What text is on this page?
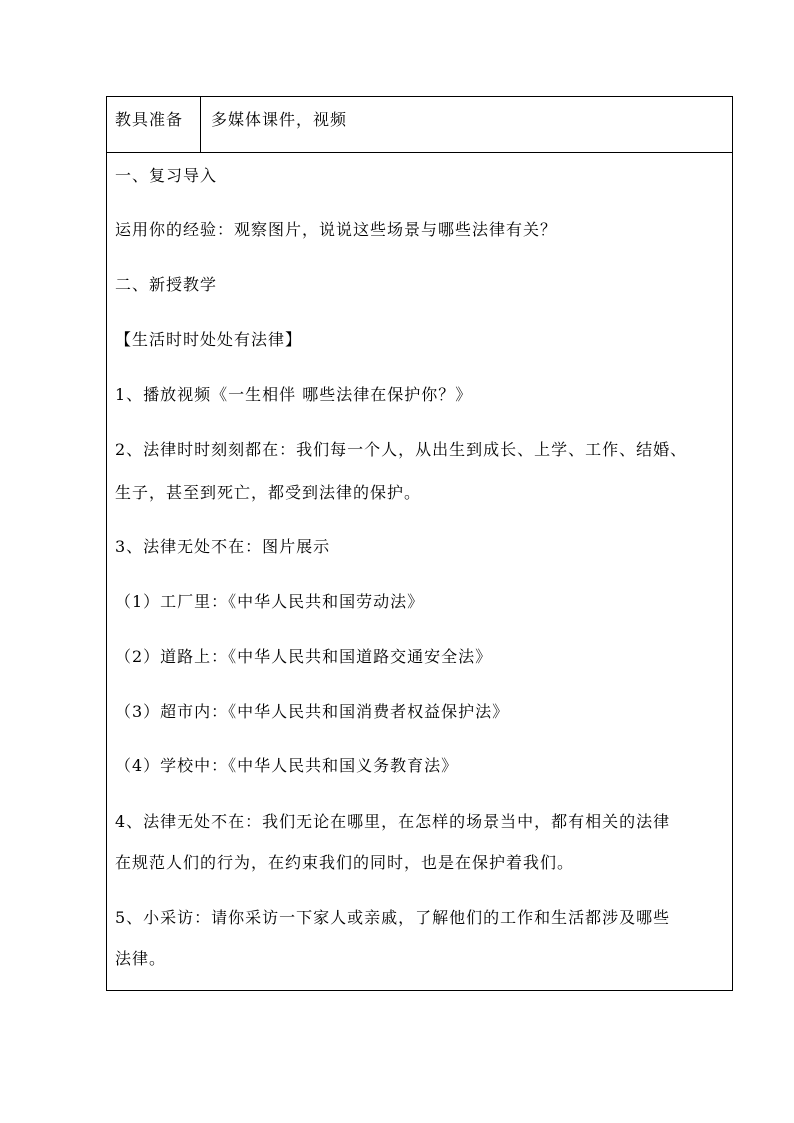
教具准备 多媒体课件，视频
一、复习导入
运用你的经验：观察图片，说说这些场景与哪些法律有关？
二、新授教学
【生活时时处处有法律】
1、播放视频《一生相伴 哪些法律在保护你？》
2、法律时时刻刻都在：我们每一个人，从出生到成长、上学、工作、结婚、
生子，甚至到死亡，都受到法律的保护。
3、法律无处不在：图片展示
（1）工厂里：《中华人民共和国劳动法》
（2）道路上：《中华人民共和国道路交通安全法》
（3）超市内：《中华人民共和国消费者权益保护法》
（4）学校中：《中华人民共和国义务教育法》
4、法律无处不在：我们无论在哪里，在怎样的场景当中，都有相关的法律
在规范人们的行为，在约束我们的同时，也是在保护着我们。
5、小采访：请你采访一下家人或亲戚，了解他们的工作和生活都涉及哪些
法律。
